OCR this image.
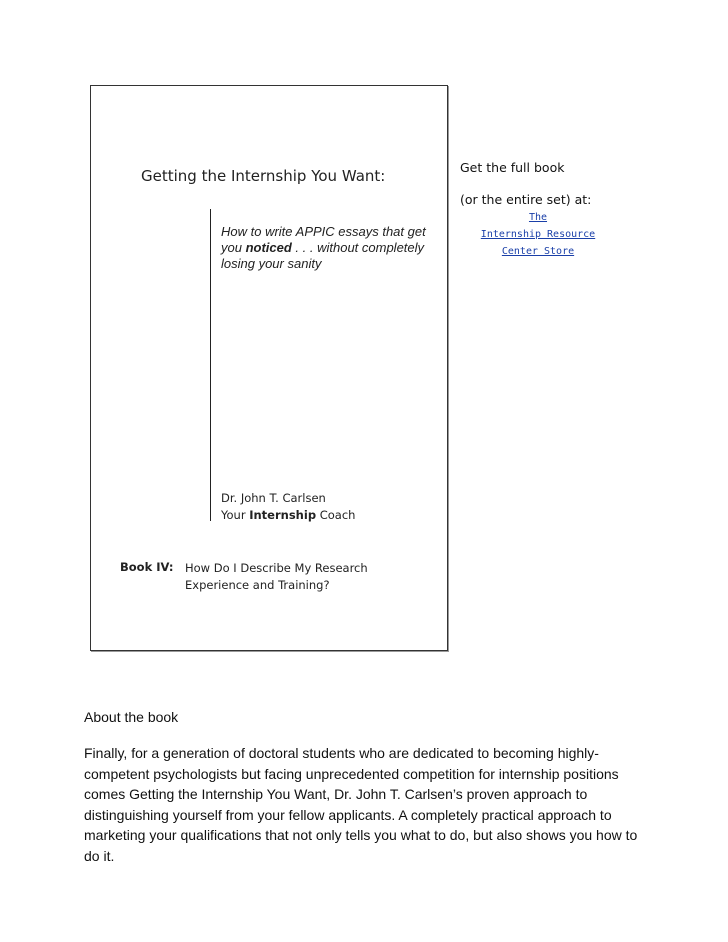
Getting the Internship You Want:
How to write APPIC essays that get you noticed . . . without completely losing your sanity
Dr. John T. Carlsen
Your Internship Coach
Book IV: How Do I Describe My Research Experience and Training?
Get the full book
(or the entire set) at:
The
Internship Resource
Center Store
About the book
Finally, for a generation of doctoral students who are dedicated to becoming highly-competent psychologists but facing unprecedented competition for internship positions comes Getting the Internship You Want, Dr. John T. Carlsen’s proven approach to distinguishing yourself from your fellow applicants. A completely practical approach to marketing your qualifications that not only tells you what to do, but also shows you how to do it.
